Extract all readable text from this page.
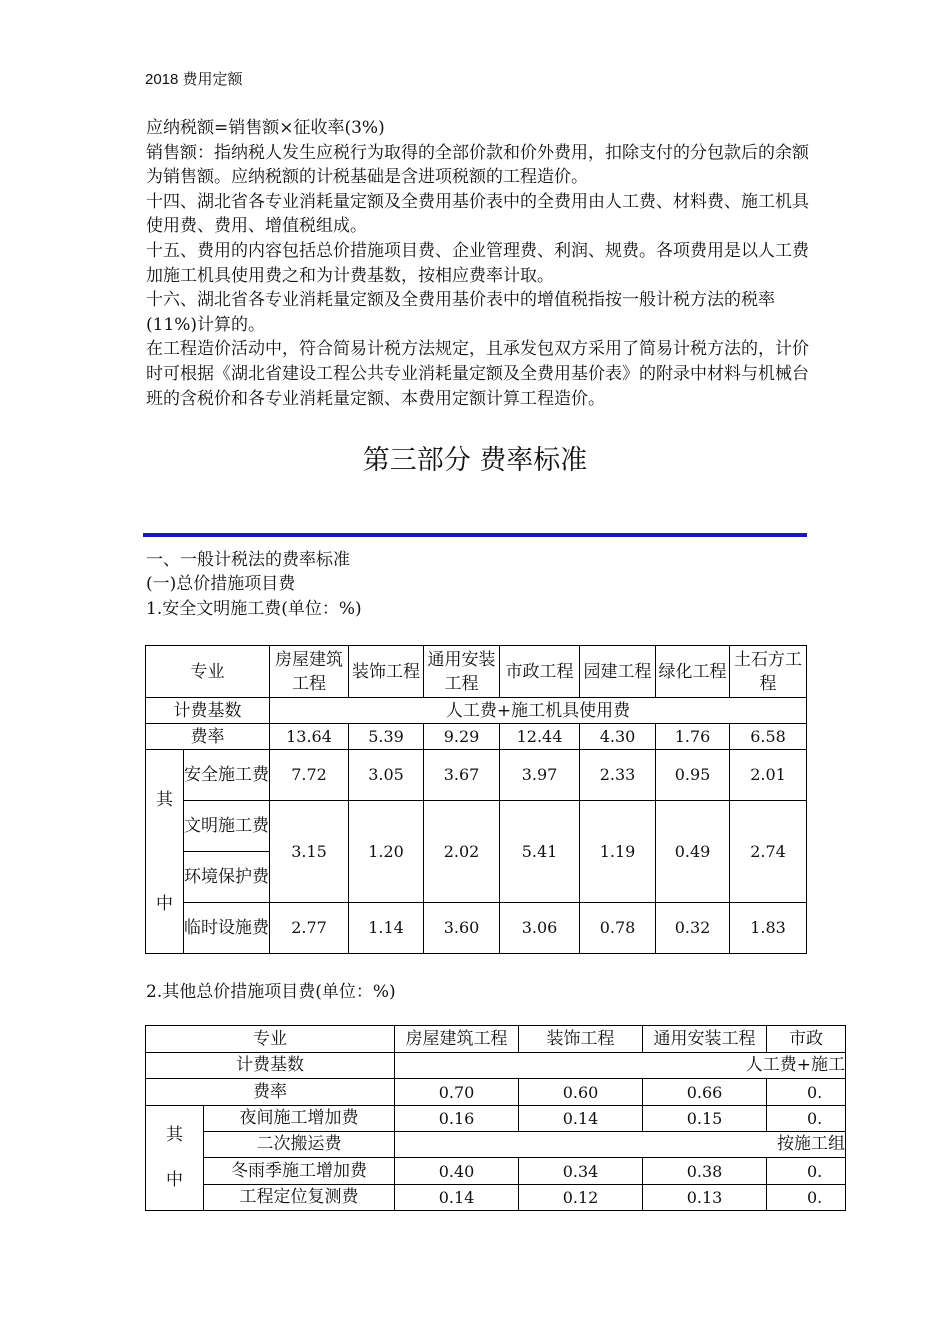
2018 费用定额

应纳税额=销售额×征收率(3%)

销售额：指纳税人发生应税行为取得的全部价款和价外费用，扣除支付的分包款后的余额为销售额。应纳税额的计税基础是含进项税额的工程造价。

十四、湖北省各专业消耗量定额及全费用基价表中的全费用由人工费、材料费、施工机具使用费、费用、增值税组成。

十五、费用的内容包括总价措施项目费、企业管理费、利润、规费。各项费用是以人工费加施工机具使用费之和为计费基数，按相应费率计取。

十六、湖北省各专业消耗量定额及全费用基价表中的增值税指按一般计税方法的税率(11%)计算的。

在工程造价活动中，符合简易计税方法规定，且承发包双方采用了简易计税方法的，计价时可根据《湖北省建设工程公共专业消耗量定额及全费用基价表》的附录中材料与机械台班的含税价和各专业消耗量定额、本费用定额计算工程造价。

第三部分 费率标准
一、一般计税法的费率标准
(一)总价措施项目费
1.安全文明施工费(单位：%)
专业		房屋建筑工程	装饰工程	通用安装工程	市政工程	园建工程	绿化工程	土石方工程
计费基数		人工费+施工机具使用费						
费率		13.64	5.39	9.29	12.44	4.30	1.76	6.58

其
中	安全施工费	7.72	3.05	3.67	3.97	2.33	0.95	2.01
	文明施工费	3.15	1.20	2.02	5.41	1.19	0.49	2.74
	环境保护费							
	临时设施费	2.77	1.14	3.60	3.06	0.78	0.32	1.83
2.其他总价措施项目费(单位：%)
专业		房屋建筑工程	装饰工程	通用安装工程	市政
计费基数		人工费+施工			
费率		0.70	0.60	0.66	0.

其
中	夜间施工增加费	0.16	0.14	0.15	0.
	二次搬运费	按施工组			
	冬雨季施工增加费	0.40	0.34	0.38	0.
	工程定位复测费	0.14	0.12	0.13	0.
